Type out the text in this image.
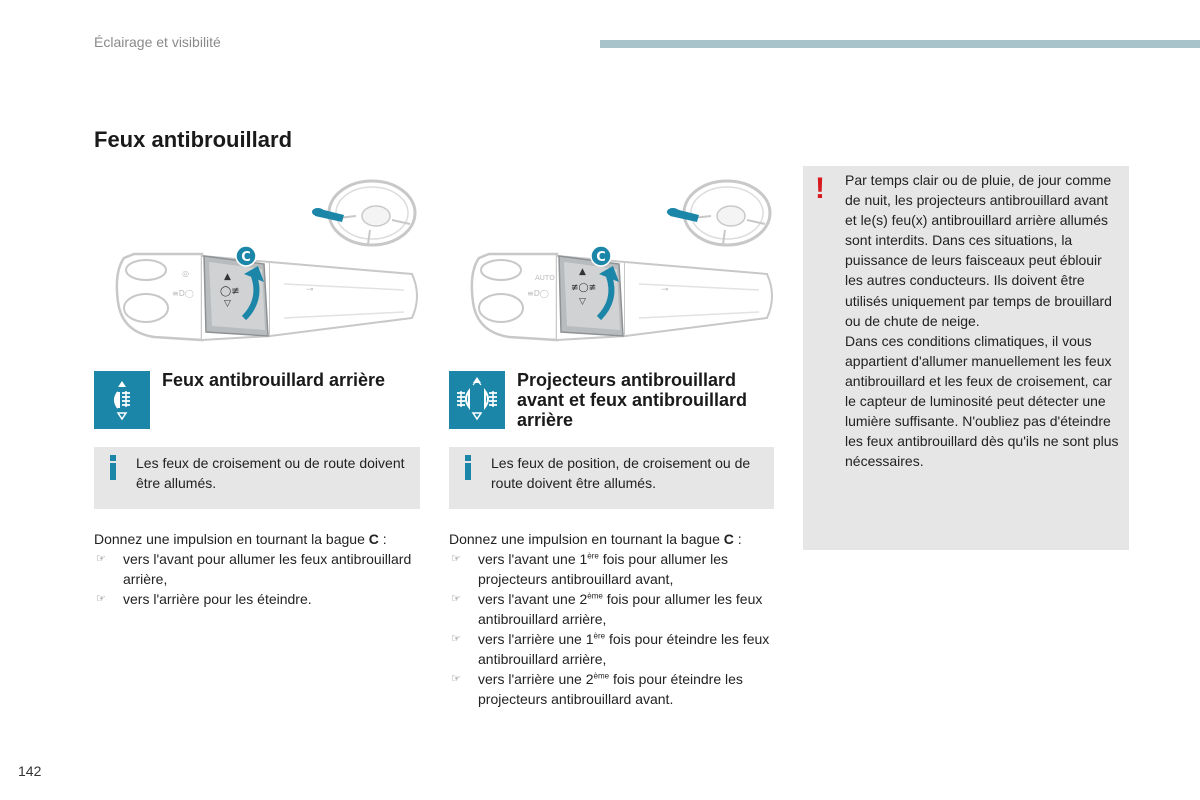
Éclairage et visibilité
Feux antibrouillard
◎
≡D◯
▲
◯≢
▽
⊸
C
AUTO
≡D◯
▲
≢◯≢
▽
⊸
C
Feux antibrouillard arrière	Projecteurs antibrouillard avant et feux antibrouillard arrière
Les feux de croisement ou de route doivent être allumés.
Les feux de position, de croisement ou de route doivent être allumés.
Donnez une impulsion en tournant la bague C :
☞ vers l'avant pour allumer les feux antibrouillard arrière,
☞ vers l'arrière pour les éteindre.
Donnez une impulsion en tournant la bague C :
☞ vers l'avant une 1ère fois pour allumer les projecteurs antibrouillard avant,
☞ vers l'avant une 2ème fois pour allumer les feux antibrouillard arrière,
☞ vers l'arrière une 1ère fois pour éteindre les feux antibrouillard arrière,
☞ vers l'arrière une 2ème fois pour éteindre les projecteurs antibrouillard avant.
! Par temps clair ou de pluie, de jour comme de nuit, les projecteurs antibrouillard avant et le(s) feu(x) antibrouillard arrière allumés sont interdits. Dans ces situations, la puissance de leurs faisceaux peut éblouir les autres conducteurs. Ils doivent être utilisés uniquement par temps de brouillard ou de chute de neige.
Dans ces conditions climatiques, il vous appartient d'allumer manuellement les feux antibrouillard et les feux de croisement, car le capteur de luminosité peut détecter une lumière suffisante. N'oubliez pas d'éteindre les feux antibrouillard dès qu'ils ne sont plus nécessaires.
142
